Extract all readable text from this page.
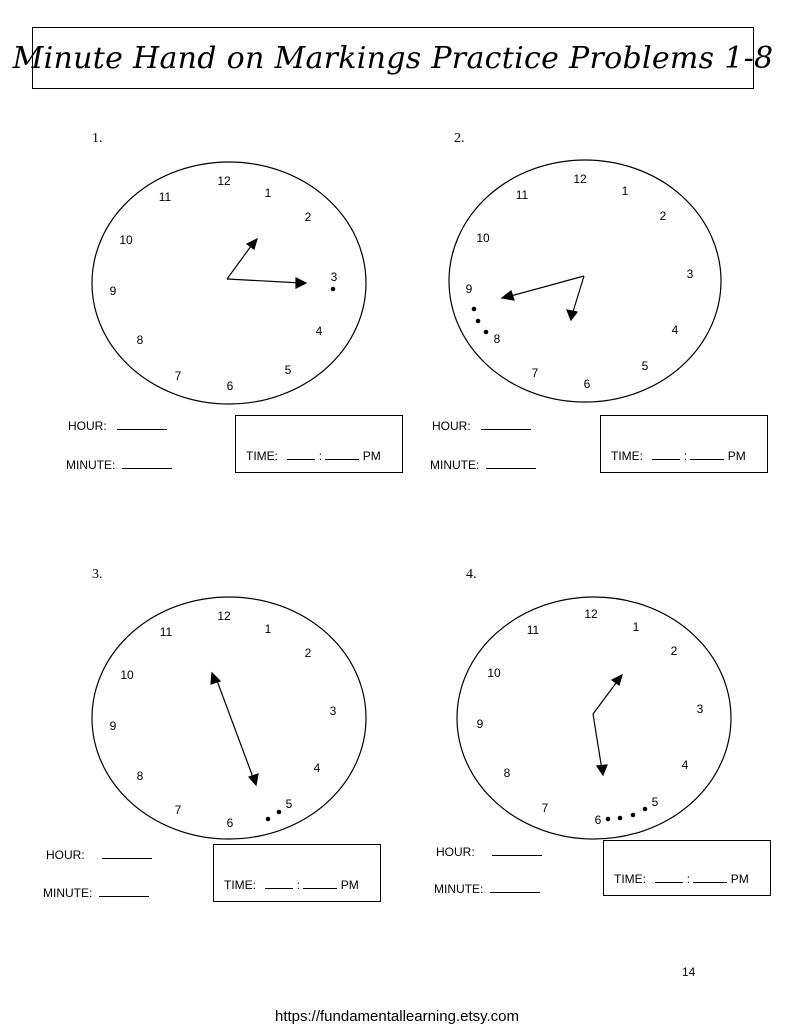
Minute Hand on Markings Practice Problems 1-8
1.
12
1
2
3
4
5
6
7
8
9
10
11
HOUR:
MINUTE:
TIME:	:	PM
2.
12
1
2
3
4
5
6
7
8
9
10
11
HOUR:
MINUTE:
TIME:	:	PM
3.
12
1
2
3
4
5
6
7
8
9
10
11
HOUR:
MINUTE:
TIME:	:	PM
4.
12
1
2
3
4
5
6
7
8
9
10
11
HOUR:
MINUTE:
TIME:	:	PM
14
https://fundamentallearning.etsy.com
